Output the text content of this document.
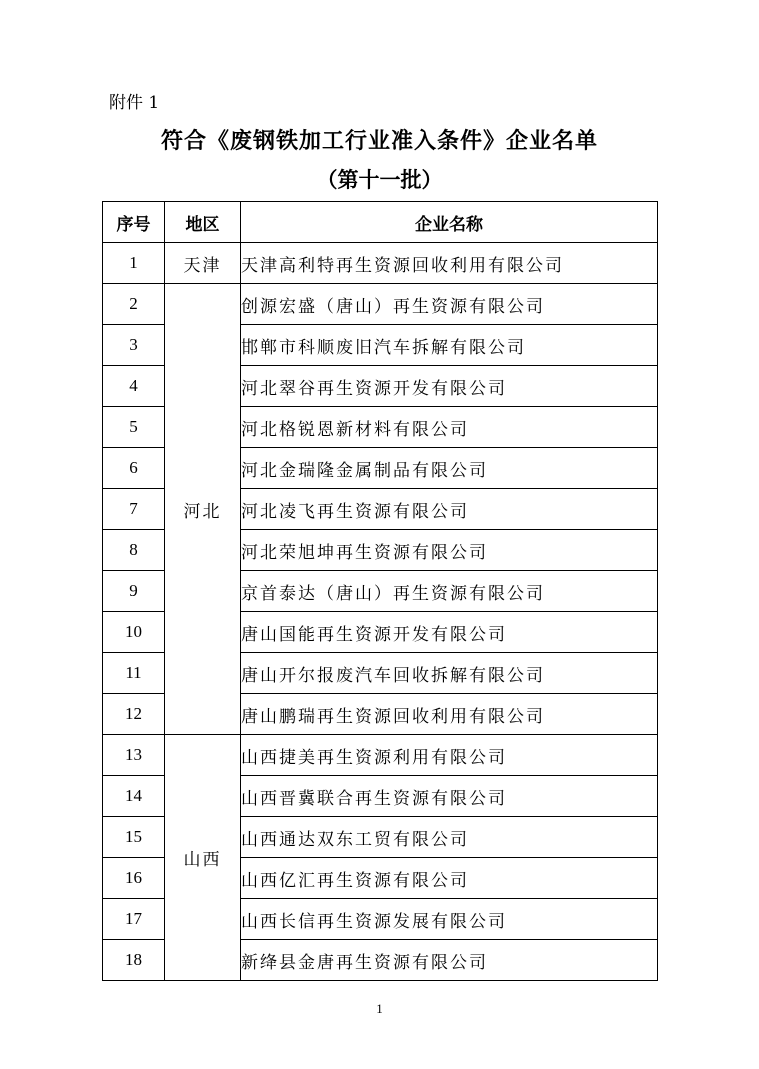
附件 1
符合《废钢铁加工行业准入条件》企业名单
（第十一批）
序号	地区	企业名称
1	天津	天津高利特再生资源回收利用有限公司
2	河北	创源宏盛（唐山）再生资源有限公司
3		邯郸市科顺废旧汽车拆解有限公司
4		河北翠谷再生资源开发有限公司
5		河北格锐恩新材料有限公司
6		河北金瑞隆金属制品有限公司
7		河北凌飞再生资源有限公司
8		河北荣旭坤再生资源有限公司
9		京首泰达（唐山）再生资源有限公司
10		唐山国能再生资源开发有限公司
11		唐山开尔报废汽车回收拆解有限公司
12		唐山鹏瑞再生资源回收利用有限公司
13	山西	山西捷美再生资源利用有限公司
14		山西晋冀联合再生资源有限公司
15		山西通达双东工贸有限公司
16		山西亿汇再生资源有限公司
17		山西长信再生资源发展有限公司
18		新绛县金唐再生资源有限公司
1
